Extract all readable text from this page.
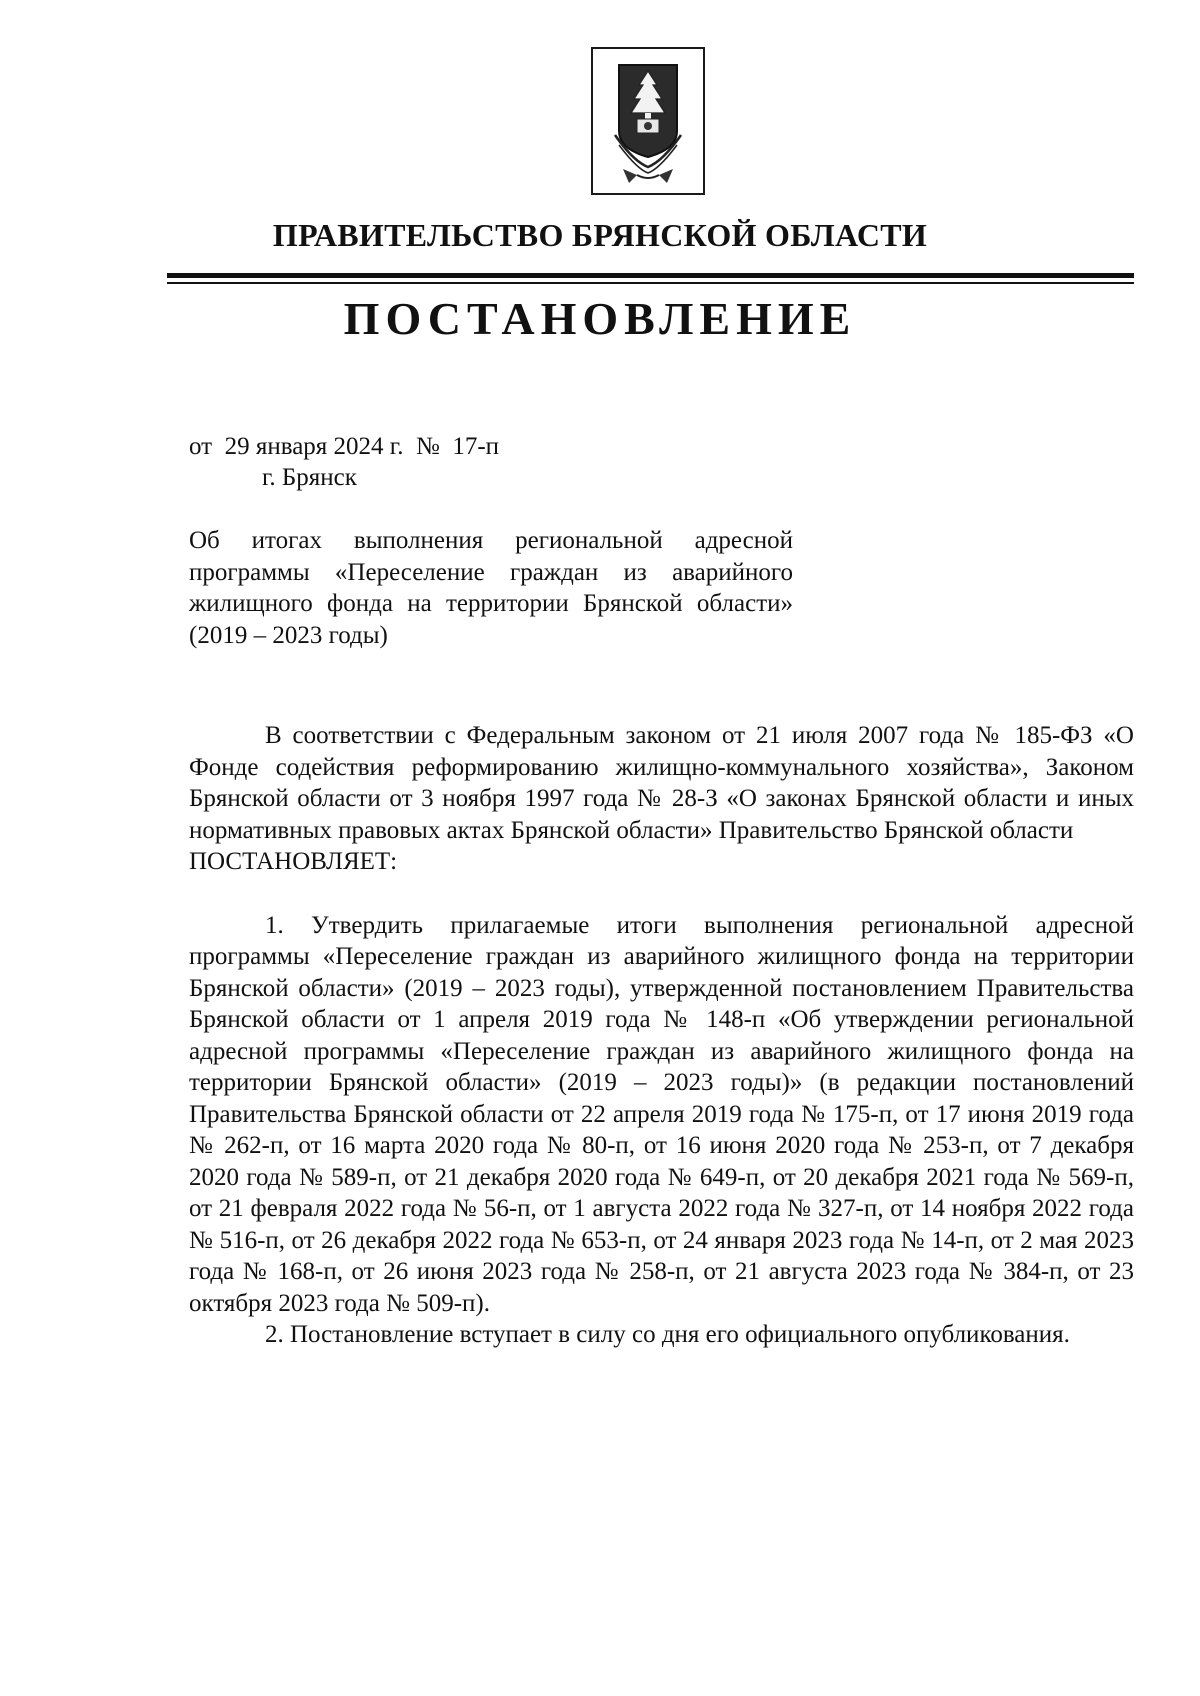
ПРАВИТЕЛЬСТВО БРЯНСКОЙ ОБЛАСТИ
ПОСТАНОВЛЕНИЕ
от  29 января 2024 г.  №  17-п
г. Брянск
Об итогах выполнения региональной адресной программы «Переселение граждан из аварийного жилищного фонда на территории Брянской области» (2019 – 2023 годы)

В соответствии с Федеральным законом от 21 июля 2007 года № 185-ФЗ «О Фонде содействия реформированию жилищно-коммунального хозяйства», Законом Брянской области от 3 ноября 1997 года № 28-З «О законах Брянской области и иных нормативных правовых актах Брянской области» Правительство Брянской области

ПОСТАНОВЛЯЕТ:

1. Утвердить прилагаемые итоги выполнения региональной адресной программы «Переселение граждан из аварийного жилищного фонда на территории Брянской области» (2019 – 2023 годы), утвержденной постановлением Правительства Брянской области от 1 апреля 2019 года № 148-п «Об утверждении региональной адресной программы «Переселение граждан из аварийного жилищного фонда на территории Брянской области» (2019 – 2023 годы)» (в редакции постановлений Правительства Брянской области от 22 апреля 2019 года № 175-п, от 17 июня 2019 года № 262-п, от 16 марта 2020 года № 80-п, от 16 июня 2020 года № 253-п, от 7 декабря 2020 года № 589-п, от 21 декабря 2020 года № 649-п, от 20 декабря 2021 года № 569-п, от 21 февраля 2022 года № 56-п, от 1 августа 2022 года № 327-п, от 14 ноября 2022 года № 516-п, от 26 декабря 2022 года № 653-п, от 24 января 2023 года № 14-п, от 2 мая 2023 года № 168-п, от 26 июня 2023 года № 258-п, от 21 августа 2023 года № 384-п, от 23 октября 2023 года № 509-п).

2. Постановление вступает в силу со дня его официального опубликования.
